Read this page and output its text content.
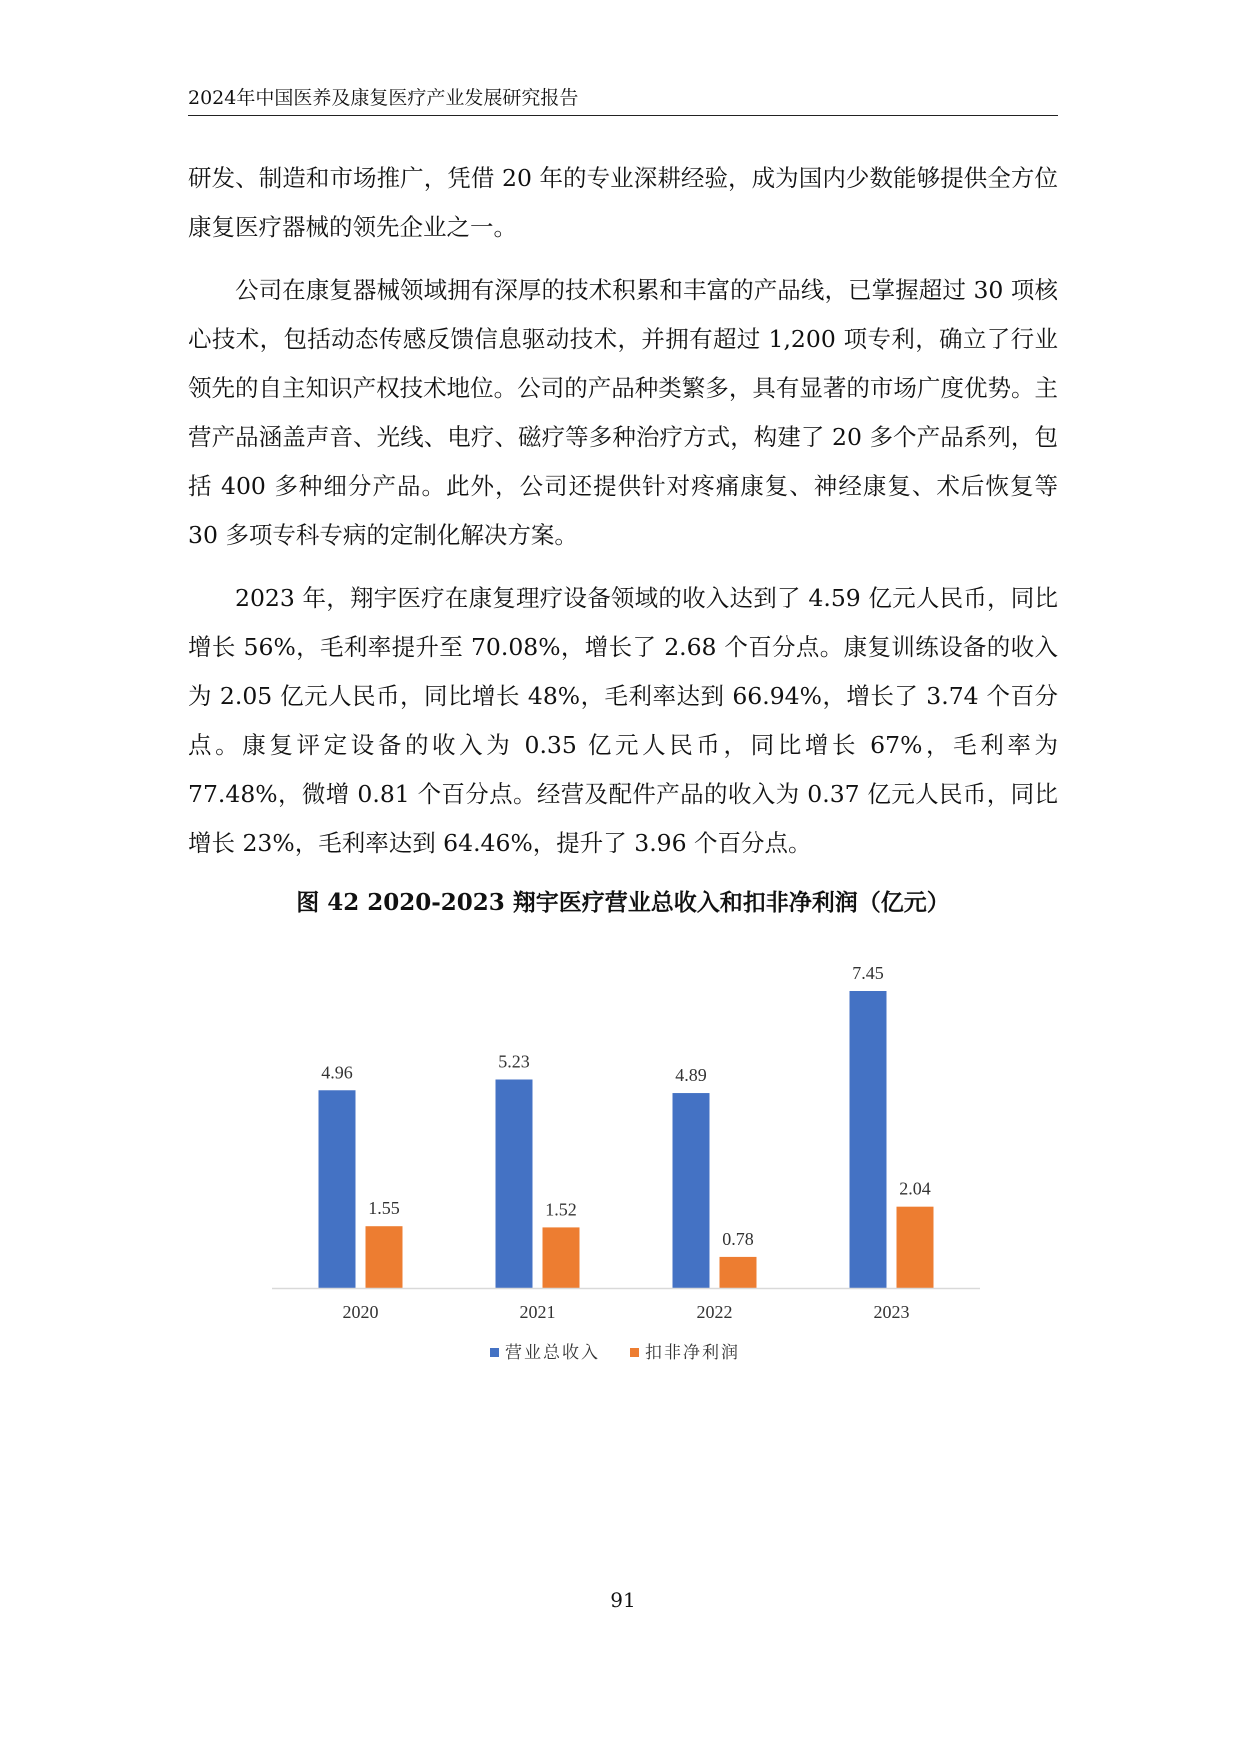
2024年中国医养及康复医疗产业发展研究报告

研发、制造和市场推广，凭借 20 年的专业深耕经验，成为国内少数能够提供全方位康复医疗器械的领先企业之一。

公司在康复器械领域拥有深厚的技术积累和丰富的产品线，已掌握超过 30 项核心技术，包括动态传感反馈信息驱动技术，并拥有超过 1,200 项专利，确立了行业领先的自主知识产权技术地位。公司的产品种类繁多，具有显著的市场广度优势。主营产品涵盖声音、光线、电疗、磁疗等多种治疗方式，构建了 20 多个产品系列，包括 400 多种细分产品。此外，公司还提供针对疼痛康复、神经康复、术后恢复等 30 多项专科专病的定制化解决方案。

2023 年，翔宇医疗在康复理疗设备领域的收入达到了 4.59 亿元人民币，同比增长 56%，毛利率提升至 70.08%，增长了 2.68 个百分点。康复训练设备的收入为 2.05 亿元人民币，同比增长 48%，毛利率达到 66.94%，增长了 3.74 个百分点。康复评定设备的收入为 0.35 亿元人民币，同比增长 67%，毛利率为 77.48%，微增 0.81 个百分点。经营及配件产品的收入为 0.37 亿元人民币，同比增长 23%，毛利率达到 64.46%，提升了 3.96 个百分点。

图 42 2020-2023 翔宇医疗营业总收入和扣非净利润（亿元）
4.96
1.55
5.23
1.52
4.89
0.78
7.45
2.04
2020	2021	2022	2023
营业总收入	扣非净利润
91
